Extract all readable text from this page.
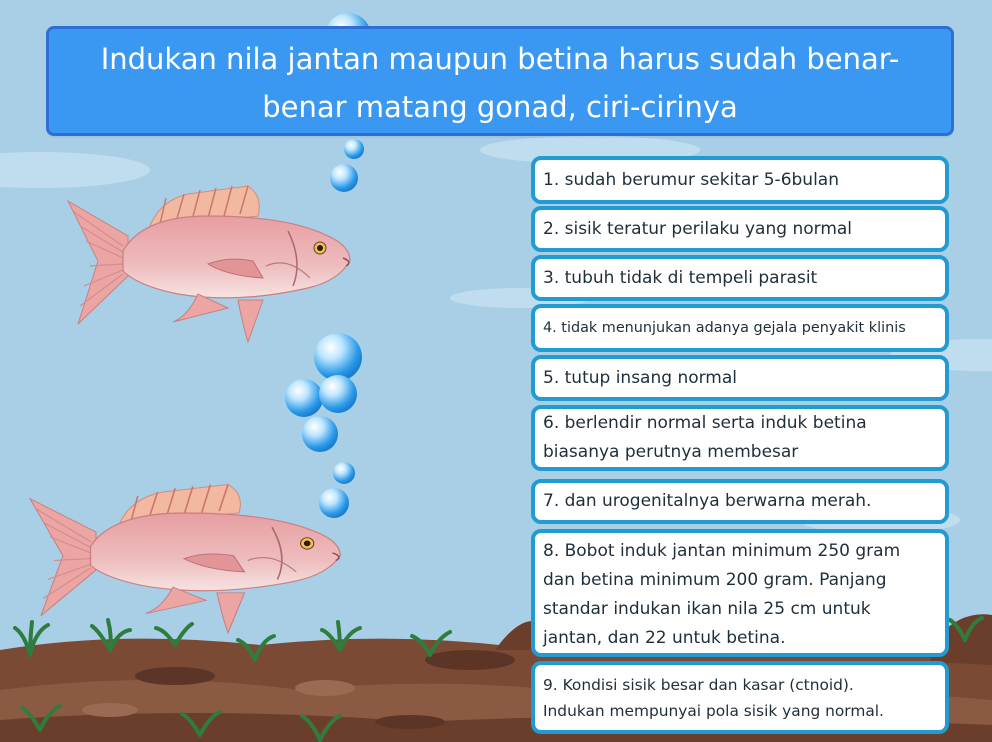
Indukan nila jantan maupun betina harus sudah benar-
benar matang gonad, ciri-cirinya
1. sudah berumur sekitar 5-6bulan
2. sisik teratur perilaku yang normal
3. tubuh tidak di tempeli parasit
4. tidak menunjukan adanya gejala penyakit klinis
5. tutup insang normal
6. berlendir normal serta induk betina
biasanya perutnya membesar
7. dan urogenitalnya berwarna merah.
8. Bobot induk jantan minimum 250 gram
dan betina minimum 200 gram. Panjang
standar indukan ikan nila 25 cm untuk
jantan, dan 22 untuk betina.
9. Kondisi sisik besar dan kasar (ctnoid).
Indukan mempunyai pola sisik yang normal.
